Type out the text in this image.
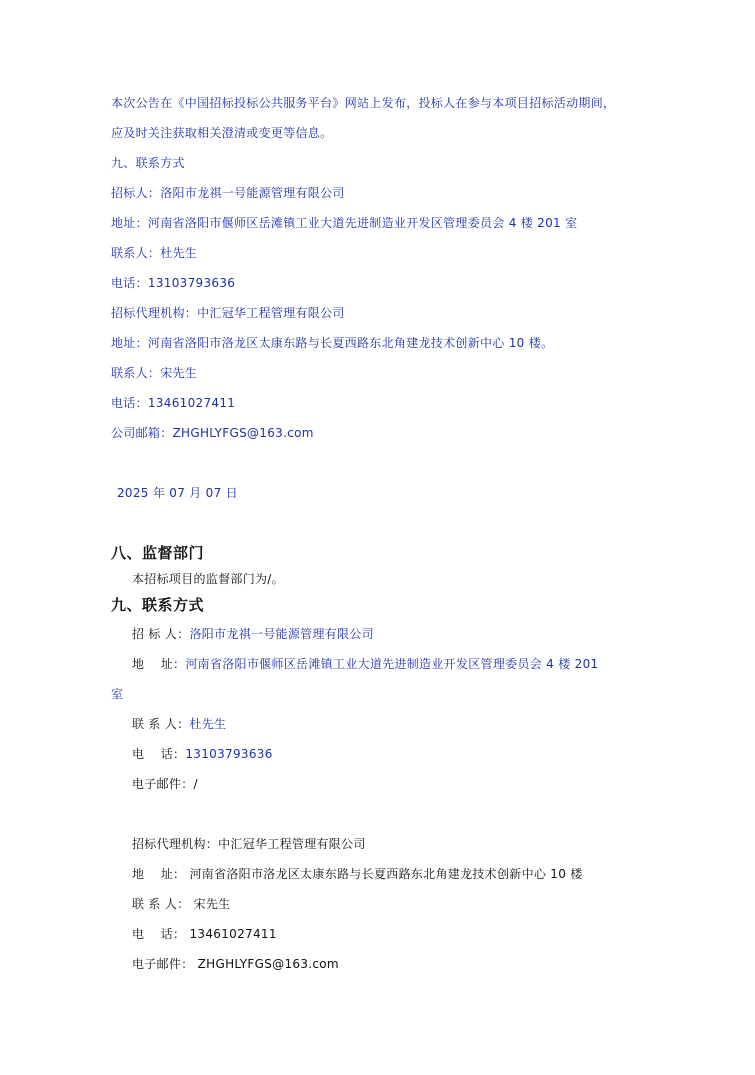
本次公告在《中国招标投标公共服务平台》网站上发布，投标人在参与本项目招标活动期间，
应及时关注获取相关澄清或变更等信息。
九、联系方式
招标人：洛阳市龙祺一号能源管理有限公司
地址：河南省洛阳市偃师区岳滩镇工业大道先进制造业开发区管理委员会 4 楼 201 室
联系人：杜先生
电话：13103793636
招标代理机构：中汇冠华工程管理有限公司
地址：河南省洛阳市洛龙区太康东路与长夏西路东北角建龙技术创新中心 10 楼。
联系人：宋先生
电话：13461027411
公司邮箱：ZHGHLYFGS@163.com
2025 年 07 月 07 日
八、监督部门
本招标项目的监督部门为/。
九、联系方式
招 标 人：洛阳市龙祺一号能源管理有限公司
地    址：河南省洛阳市偃师区岳滩镇工业大道先进制造业开发区管理委员会 4 楼 201
室
联 系 人：杜先生
电    话：13103793636
电子邮件：/
招标代理机构：中汇冠华工程管理有限公司
地    址： 河南省洛阳市洛龙区太康东路与长夏西路东北角建龙技术创新中心 10 楼
联 系 人： 宋先生
电    话： 13461027411
电子邮件： ZHGHLYFGS@163.com
